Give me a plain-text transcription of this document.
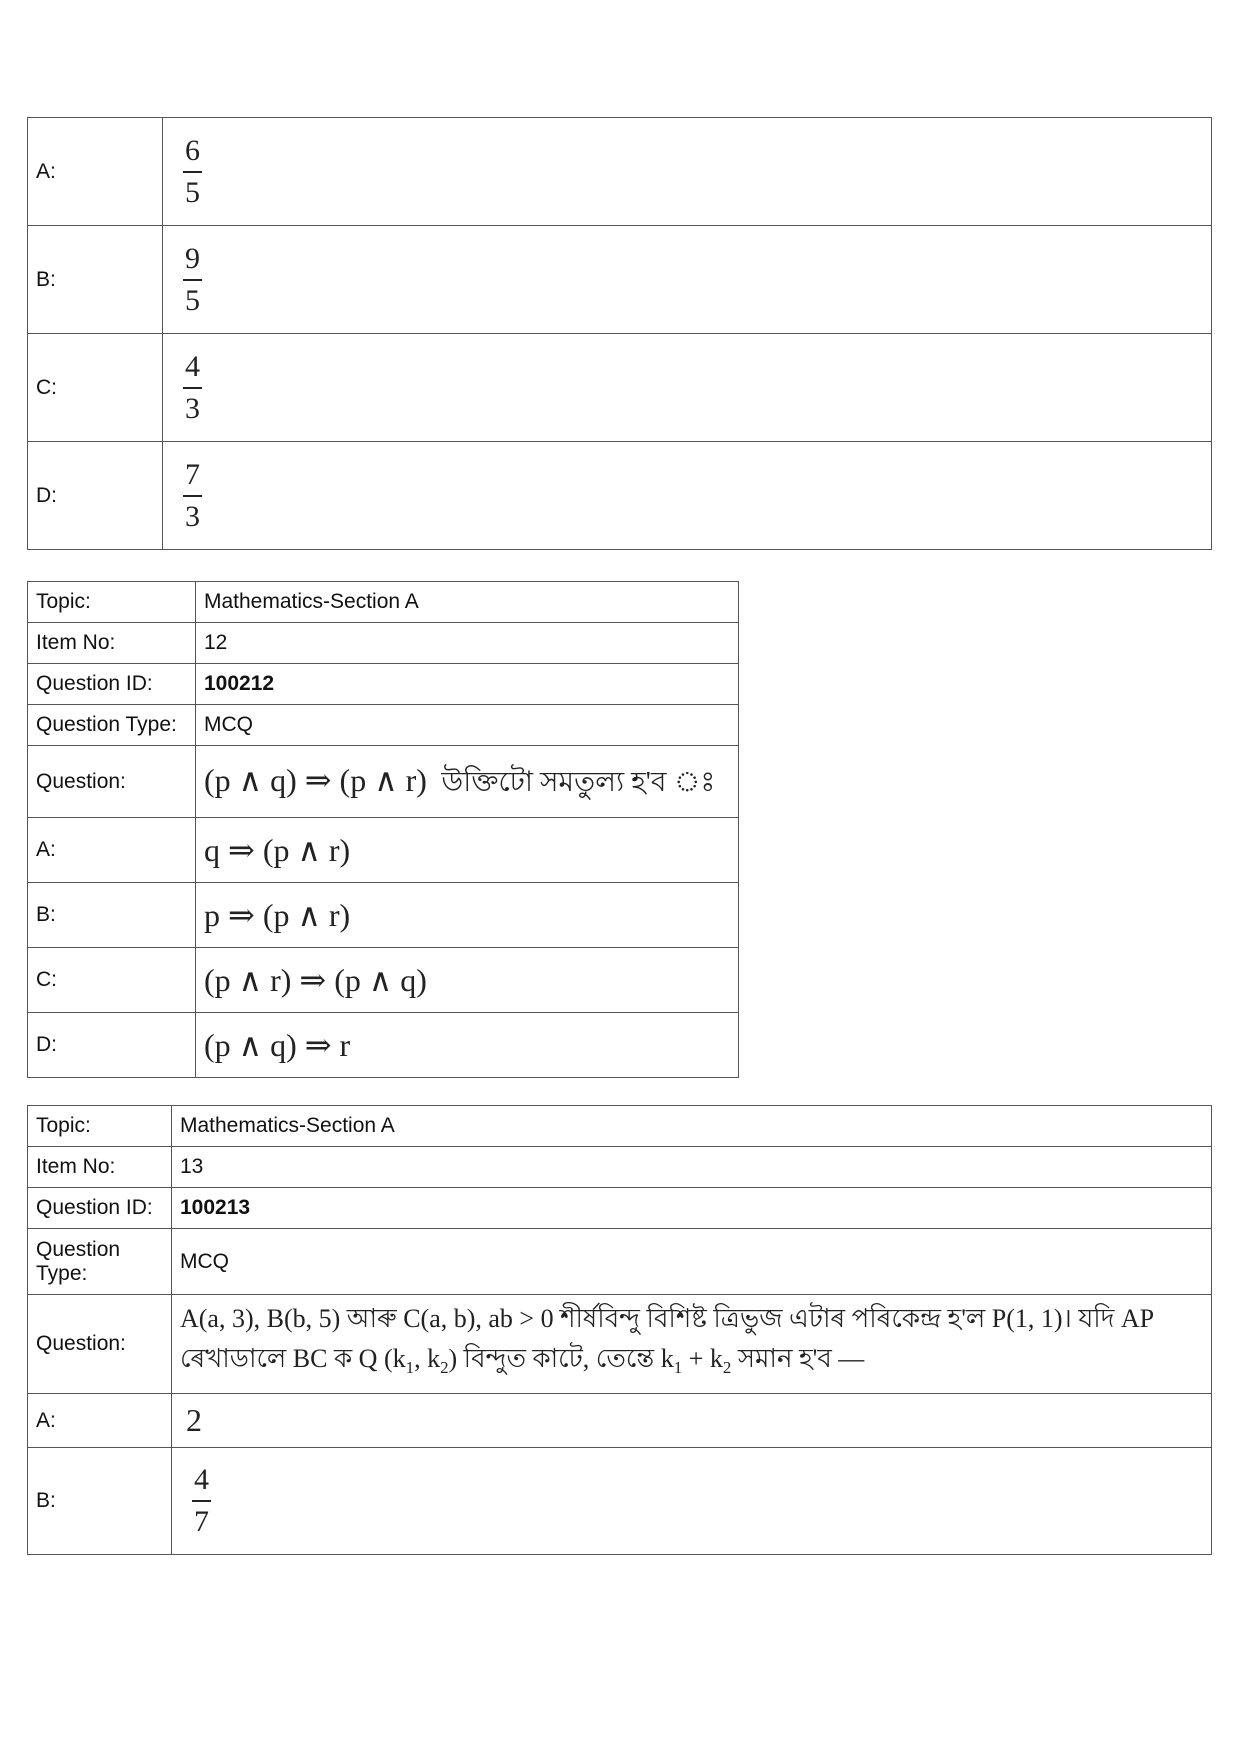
A:	$\frac{6}{5}$

B:	$\frac{9}{5}$

C:	$\frac{4}{3}$

D:	$\frac{7}{3}$
Topic:	Mathematics-Section A
Item No:	12
Question ID:	100212
Question Type:	MCQ
Question:	(p ∧ q) ⇒ (p ∧ r) উক্তিটো সমতুল্য হ'ব ঃ
A:	q ⇒ (p ∧ r)
B:	p ⇒ (p ∧ r)
C:	(p ∧ r) ⇒ (p ∧ q)
D:	(p ∧ q) ⇒ r
Topic:	Mathematics-Section A
Item No:	13
Question ID:	100213
Question Type:	MCQ
Question:	A(a, 3), B(b, 5) আৰু C(a, b), ab > 0 শীৰ্ষবিন্দু বিশিষ্ট ত্ৰিভুজ এটাৰ পৰিকেন্দ্ৰ হ'ল P(1, 1)। যদি AP
ৰেখাডালে BC ক Q ($k_1$, $k_2$) বিন্দুত কাটে, তেন্তে $k_1 + k_2$ সমান হ'ব —

A:	2
B:	$\frac{4}{7}$
